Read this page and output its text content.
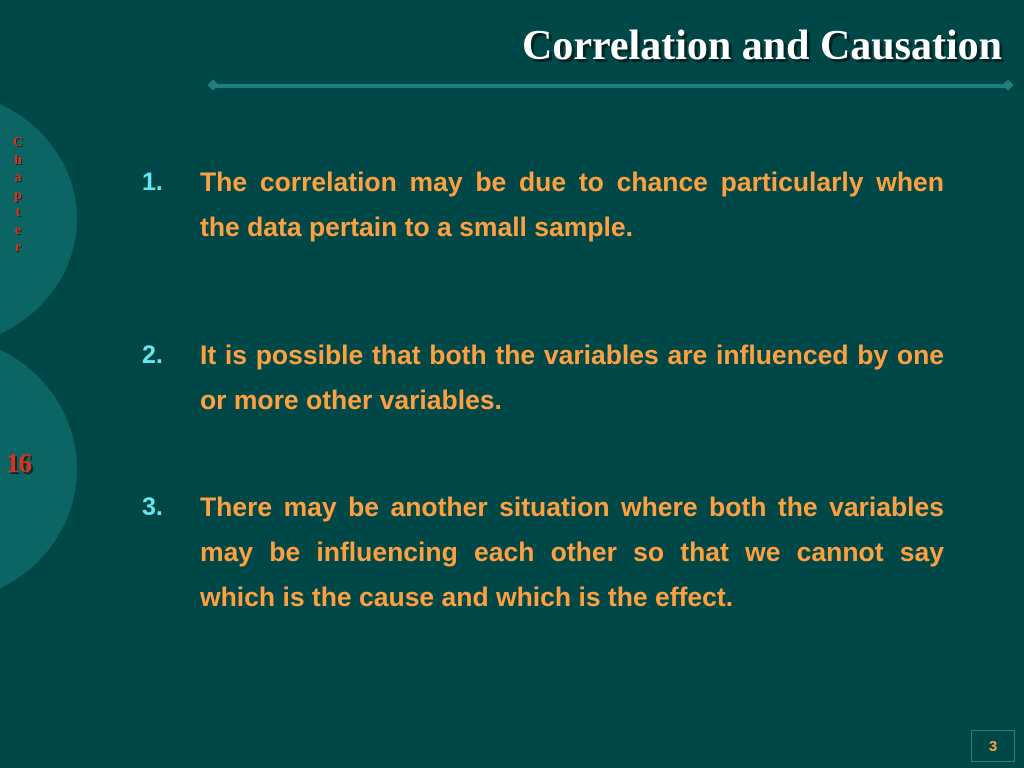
C
h
a
p
t
e
r
16
Correlation and Causation
1.	The correlation may be due to chance particularly when the data pertain to a small sample.
2.	It is possible that both the variables are influenced by one or more other variables.
3.	There may be another situation where both the variables may be influencing each other so that we cannot say which is the cause and which is the effect.
3
